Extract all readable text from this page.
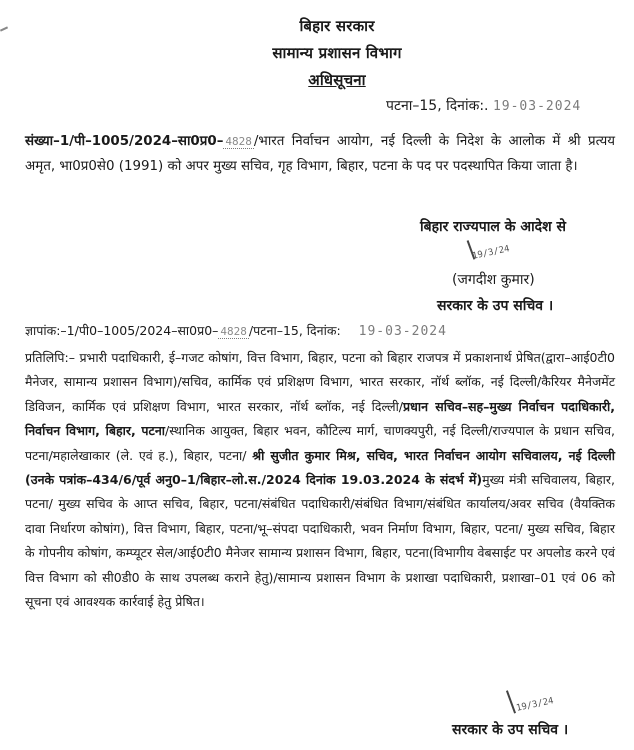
बिहार सरकार
सामान्य प्रशासन विभाग
अधिसूचना
पटना–15, दिनांक:. 19-03-2024
संख्या–1/पी–1005/2024–सा0प्र0– 4828 /भारत निर्वाचन आयोग, नई दिल्ली के निदेश के आलोक में श्री प्रत्यय अमृत, भा0प्र0से0 (1991) को अपर मुख्य सचिव, गृह विभाग, बिहार, पटना के पद पर पदस्थापित किया जाता है।
बिहार राज्यपाल के आदेश से
19/3/24
(जगदीश कुमार)
सरकार के उप सचिव ।
ज्ञापांक:–1/पी0–1005/2024–सा0प्र0– 4828 /पटना–15, दिनांक: 19-03-2024
प्रतिलिपि:– प्रभारी पदाधिकारी, ई–गजट कोषांग, वित्त विभाग, बिहार, पटना को बिहार राजपत्र में प्रकाशनार्थ प्रेषित(द्वारा–आई0टी0 मैनेजर, सामान्य प्रशासन विभाग)/सचिव, कार्मिक एवं प्रशिक्षण विभाग, भारत सरकार, नॉर्थ ब्लॉक, नई दिल्ली/कैरियर मैनेजमेंट डिविजन, कार्मिक एवं प्रशिक्षण विभाग, भारत सरकार, नॉर्थ ब्लॉक, नई दिल्ली/प्रधान सचिव–सह–मुख्य निर्वाचन पदाधिकारी, निर्वाचन विभाग, बिहार, पटना/स्थानिक आयुक्त, बिहार भवन, कौटिल्य मार्ग, चाणक्यपुरी, नई दिल्ली/राज्यपाल के प्रधान सचिव, पटना/महालेखाकार (ले. एवं ह.), बिहार, पटना/ श्री सुजीत कुमार मिश्र, सचिव, भारत निर्वाचन आयोग सचिवालय, नई दिल्ली (उनके पत्रांक–434/6/पूर्व अनु0–1/बिहार–लो.स./2024 दिनांक 19.03.2024 के संदर्भ में)मुख्य मंत्री सचिवालय, बिहार, पटना/ मुख्य सचिव के आप्त सचिव, बिहार, पटना/संबंधित पदाधिकारी/संबंधित विभाग/संबंधित कार्यालय/अवर सचिव (वैयक्तिक दावा निर्धारण कोषांग), वित्त विभाग, बिहार, पटना/भू–संपदा पदाधिकारी, भवन निर्माण विभाग, बिहार, पटना/ मुख्य सचिव, बिहार के गोपनीय कोषांग, कम्प्यूटर सेल/आई0टी0 मैनेजर सामान्य प्रशासन विभाग, बिहार, पटना(विभागीय वेबसाईट पर अपलोड करने एवं वित्त विभाग को सी0डी0 के साथ उपलब्ध कराने हेतु)/सामान्य प्रशासन विभाग के प्रशाखा पदाधिकारी, प्रशाखा–01 एवं 06 को सूचना एवं आवश्यक कार्रवाई हेतु प्रेषित।
19/3/24
सरकार के उप सचिव ।
